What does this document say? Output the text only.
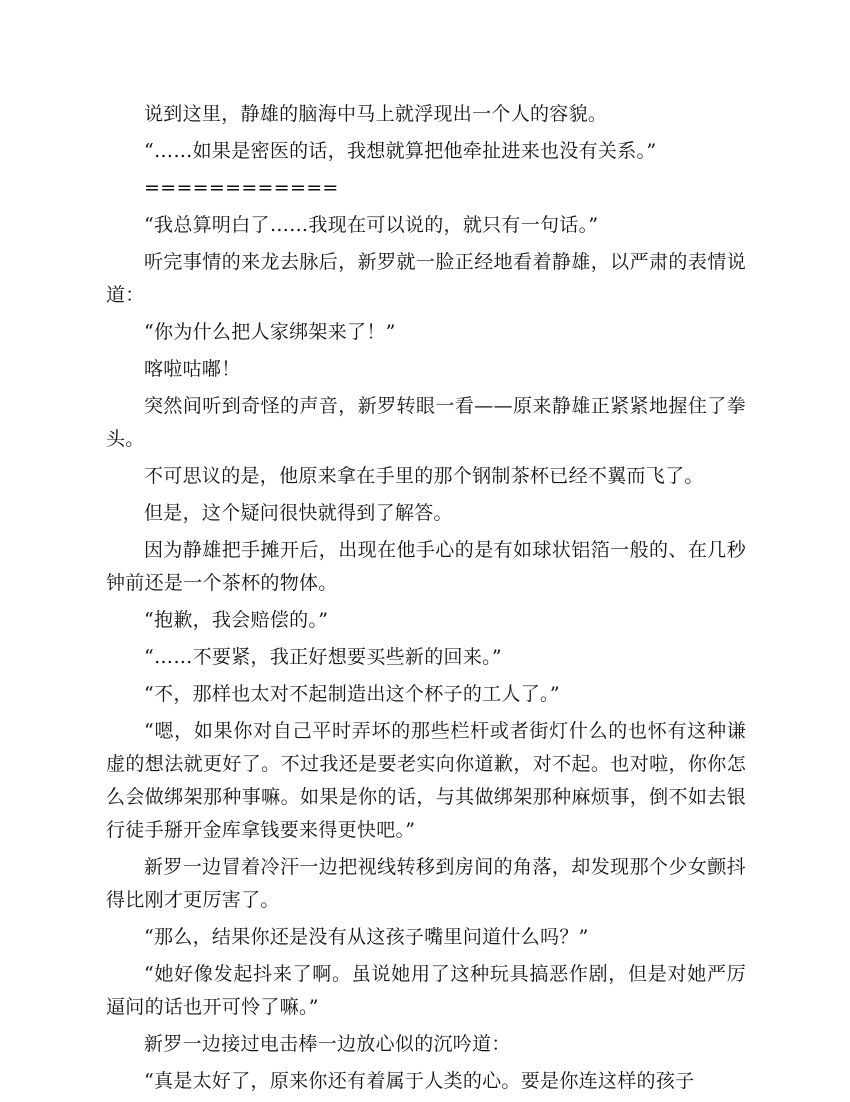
说到这里，静雄的脑海中马上就浮现出一个人的容貌。

“……如果是密医的话，我想就算把他牵扯进来也没有关系。”

============

“我总算明白了……我现在可以说的，就只有一句话。”

听完事情的来龙去脉后，新罗就一脸正经地看着静雄，以严肃的表情说道：

“你为什么把人家绑架来了！”

喀啦咕嘟！

突然间听到奇怪的声音，新罗转眼一看——原来静雄正紧紧地握住了拳头。

不可思议的是，他原来拿在手里的那个钢制茶杯已经不翼而飞了。

但是，这个疑问很快就得到了解答。

因为静雄把手摊开后，出现在他手心的是有如球状铝箔一般的、在几秒钟前还是一个茶杯的物体。

“抱歉，我会赔偿的。”

“……不要紧，我正好想要买些新的回来。”

“不，那样也太对不起制造出这个杯子的工人了。”

“嗯，如果你对自己平时弄坏的那些栏杆或者街灯什么的也怀有这种谦虚的想法就更好了。不过我还是要老实向你道歉，对不起。也对啦，你你怎么会做绑架那种事嘛。如果是你的话，与其做绑架那种麻烦事，倒不如去银行徒手掰开金库拿钱要来得更快吧。”

新罗一边冒着冷汗一边把视线转移到房间的角落，却发现那个少女颤抖得比刚才更厉害了。

“那么，结果你还是没有从这孩子嘴里问道什么吗？”

“她好像发起抖来了啊。虽说她用了这种玩具搞恶作剧，但是对她严厉逼问的话也开可怜了嘛。”

新罗一边接过电击棒一边放心似的沉吟道：

“真是太好了，原来你还有着属于人类的心。要是你连这样的孩子
